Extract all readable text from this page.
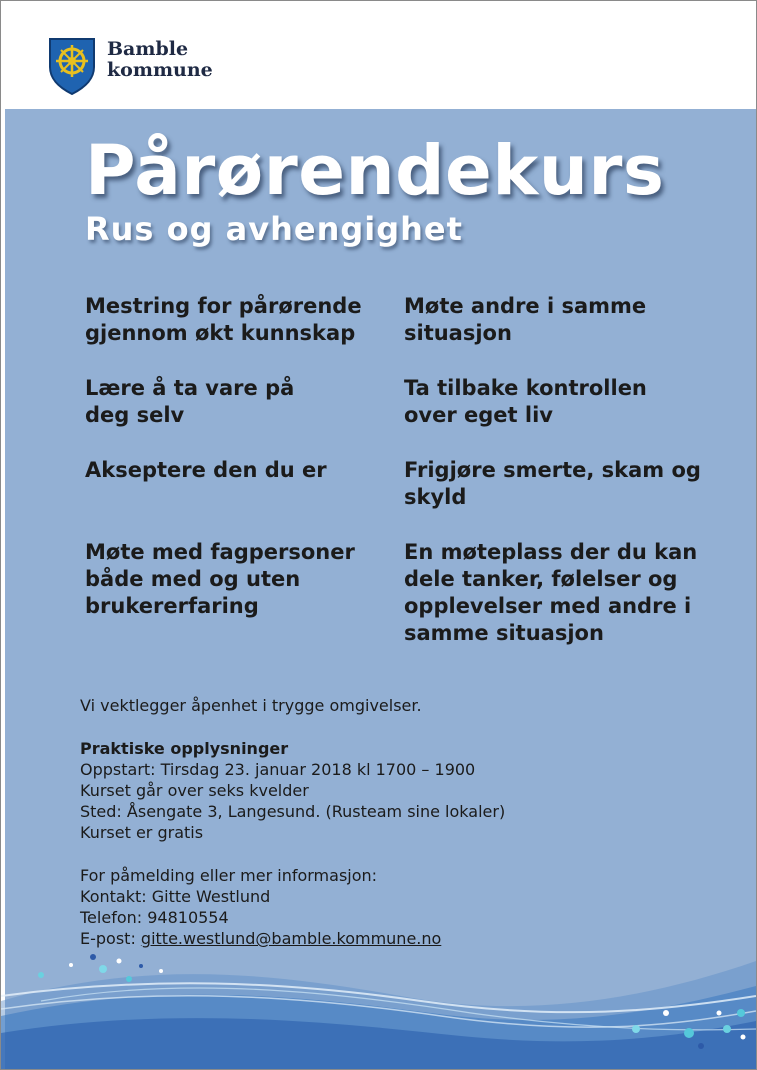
Bamble
kommune
Pårørendekurs
Rus og avhengighet
Mestring for pårørende
gjennom økt kunnskap
Lære å ta vare på
deg selv
Akseptere den du er
Møte med fagpersoner
både med og uten
brukererfaring
Møte andre i samme
situasjon
Ta tilbake kontrollen
over eget liv
Frigjøre smerte, skam og
skyld
En møteplass der du kan
dele tanker, følelser og
opplevelser med andre i
samme situasjon
Vi vektlegger åpenhet i trygge omgivelser.
Praktiske opplysninger
Oppstart: Tirsdag 23. januar 2018 kl 1700 – 1900
Kurset går over seks kvelder
Sted: Åsengate 3, Langesund. (Rusteam sine lokaler)
Kurset er gratis
For påmelding eller mer informasjon:
Kontakt: Gitte Westlund
Telefon: 94810554
E-post: gitte.westlund@bamble.kommune.no
